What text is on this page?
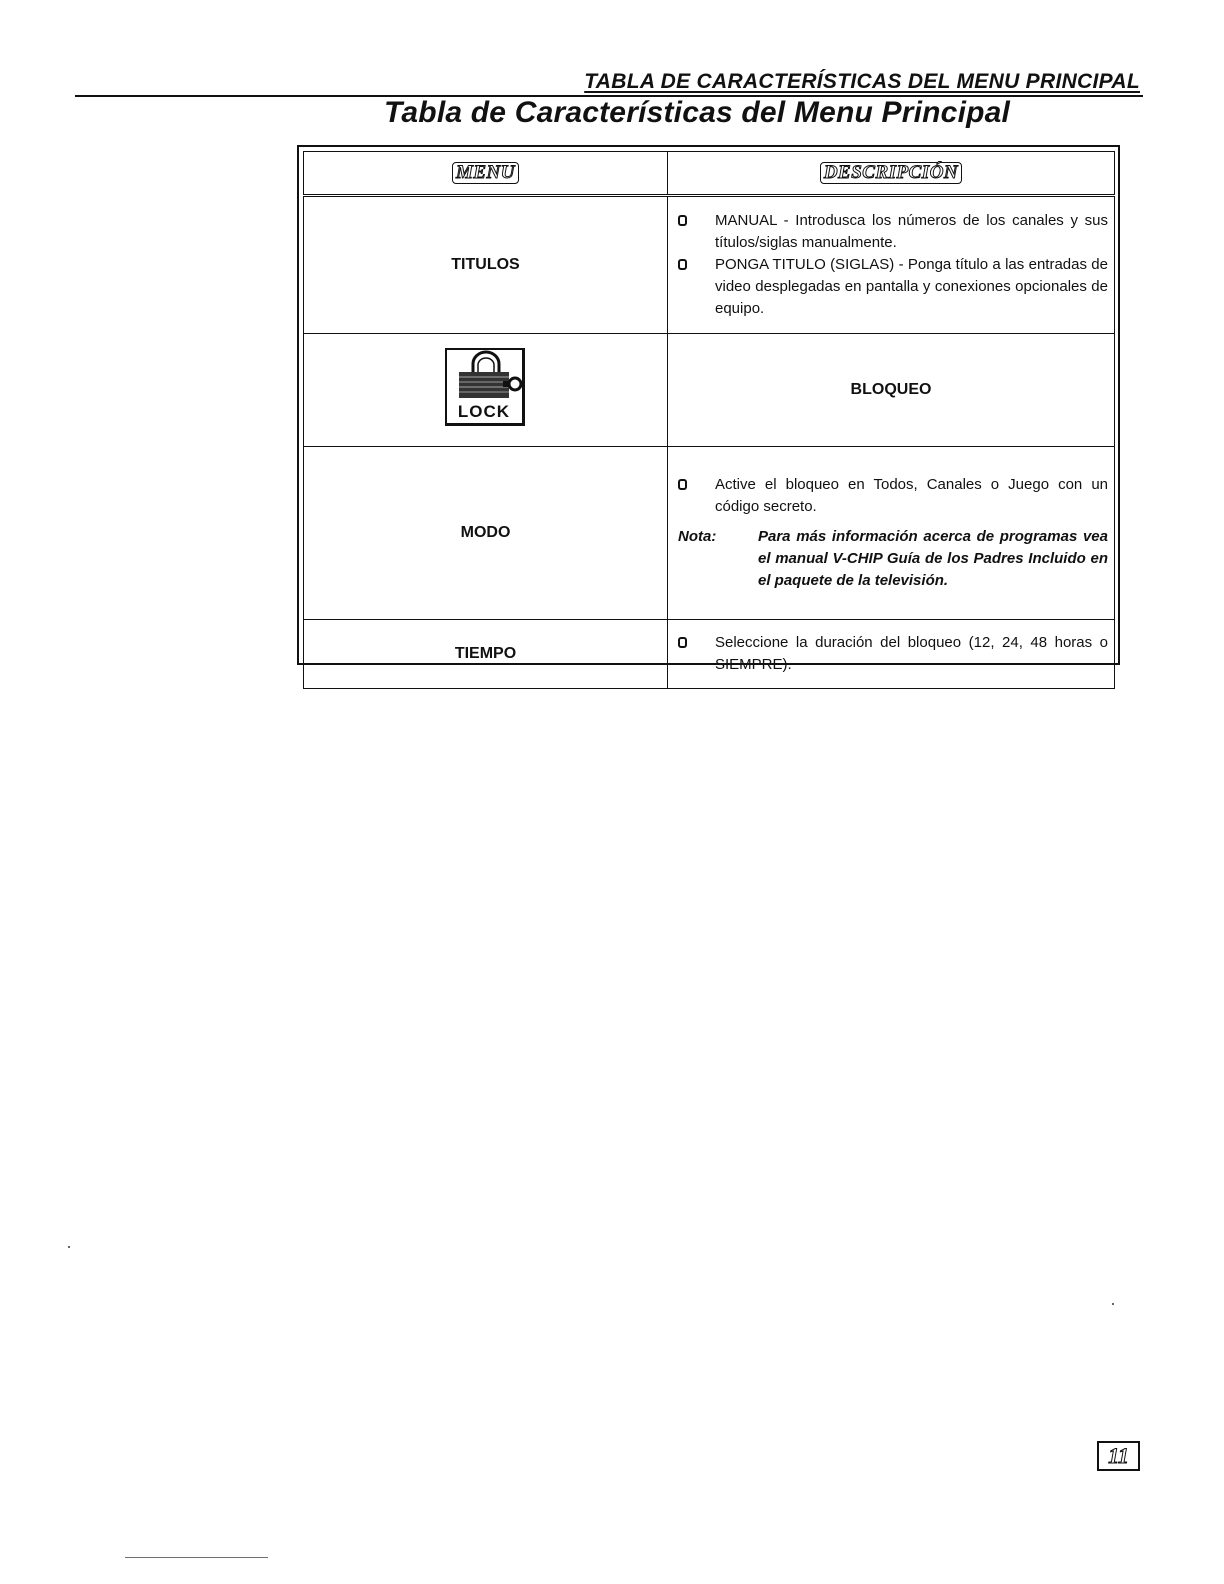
TABLA DE CARACTERÍSTICAS DEL MENU PRINCIPAL
Tabla de Características del Menu Principal
MENU	DESCRIPCIÓN
TITULOS	MANUAL - Introdusca los números de los canales y sus títulos/siglas manualmente.
PONGA TITULO (SIGLAS) - Ponga título a las entradas de video desplegadas en pantalla y conexiones opcionales de equipo.

LOCK	BLOQUEO
MODO	Active el bloqueo en Todos, Canales o Juego con un código secreto.
Nota: Para más información acerca de programas vea el manual V-CHIP Guía de los Padres Incluido en el paquete de la televisión.

TIEMPO	Seleccione la duración del bloqueo (12, 24, 48 horas o SIEMPRE).
11
